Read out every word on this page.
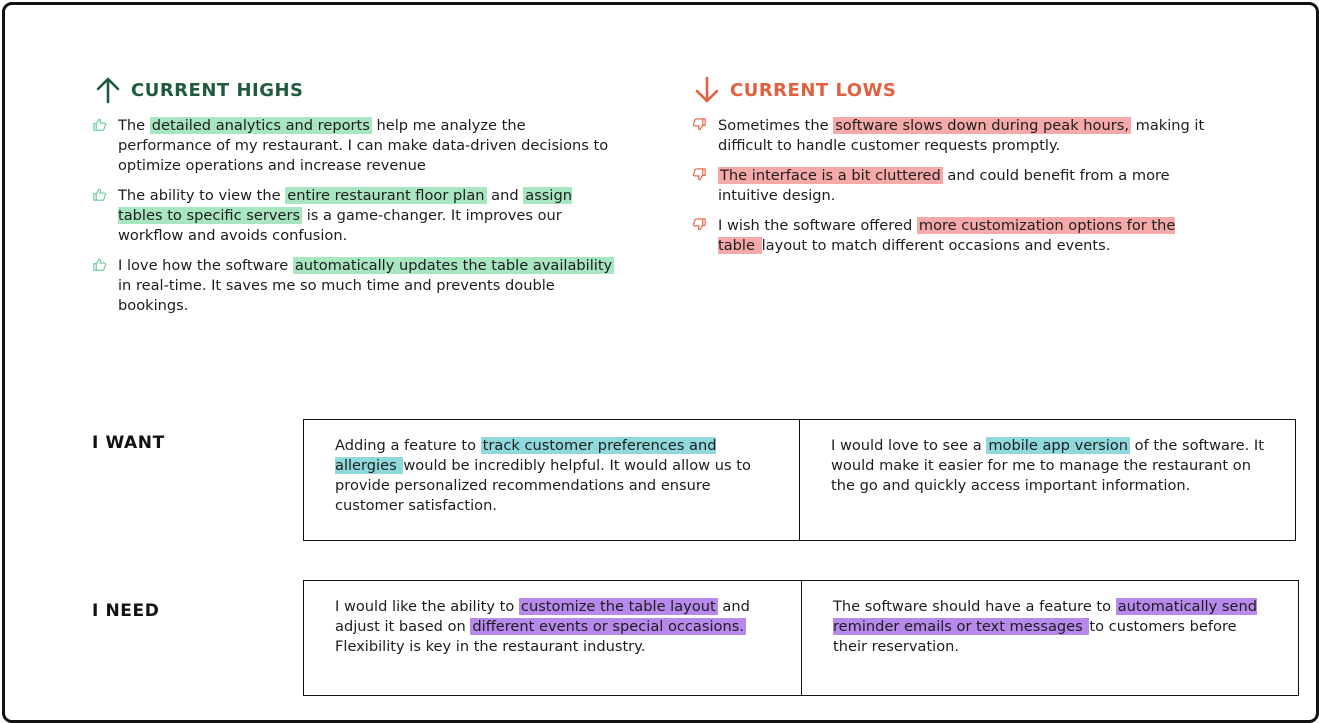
CURRENT HIGHS
The detailed analytics and reports help me analyze the performance of my restaurant. I can make data-driven decisions to optimize operations and increase revenue
The ability to view the entire restaurant floor plan and assign tables to specific servers is a game-changer. It improves our workflow and avoids confusion.
I love how the software automatically updates the table availability in real-time. It saves me so much time and prevents double bookings.
CURRENT LOWS
Sometimes the software slows down during peak hours, making it difficult to handle customer requests promptly.
The interface is a bit cluttered and could benefit from a more intuitive design.
I wish the software offered more customization options for the table layout to match different occasions and events.
I WANT	Adding a feature to track customer preferences and allergies would be incredibly helpful. It would allow us to provide personalized recommendations and ensure customer satisfaction.
I would love to see a mobile app version of the software. It would make it easier for me to manage the restaurant on the go and quickly access important information.
I NEED	I would like the ability to customize the table layout and adjust it based on different events or special occasions. Flexibility is key in the restaurant industry.
The software should have a feature to automatically send reminder emails or text messages to customers before their reservation.
